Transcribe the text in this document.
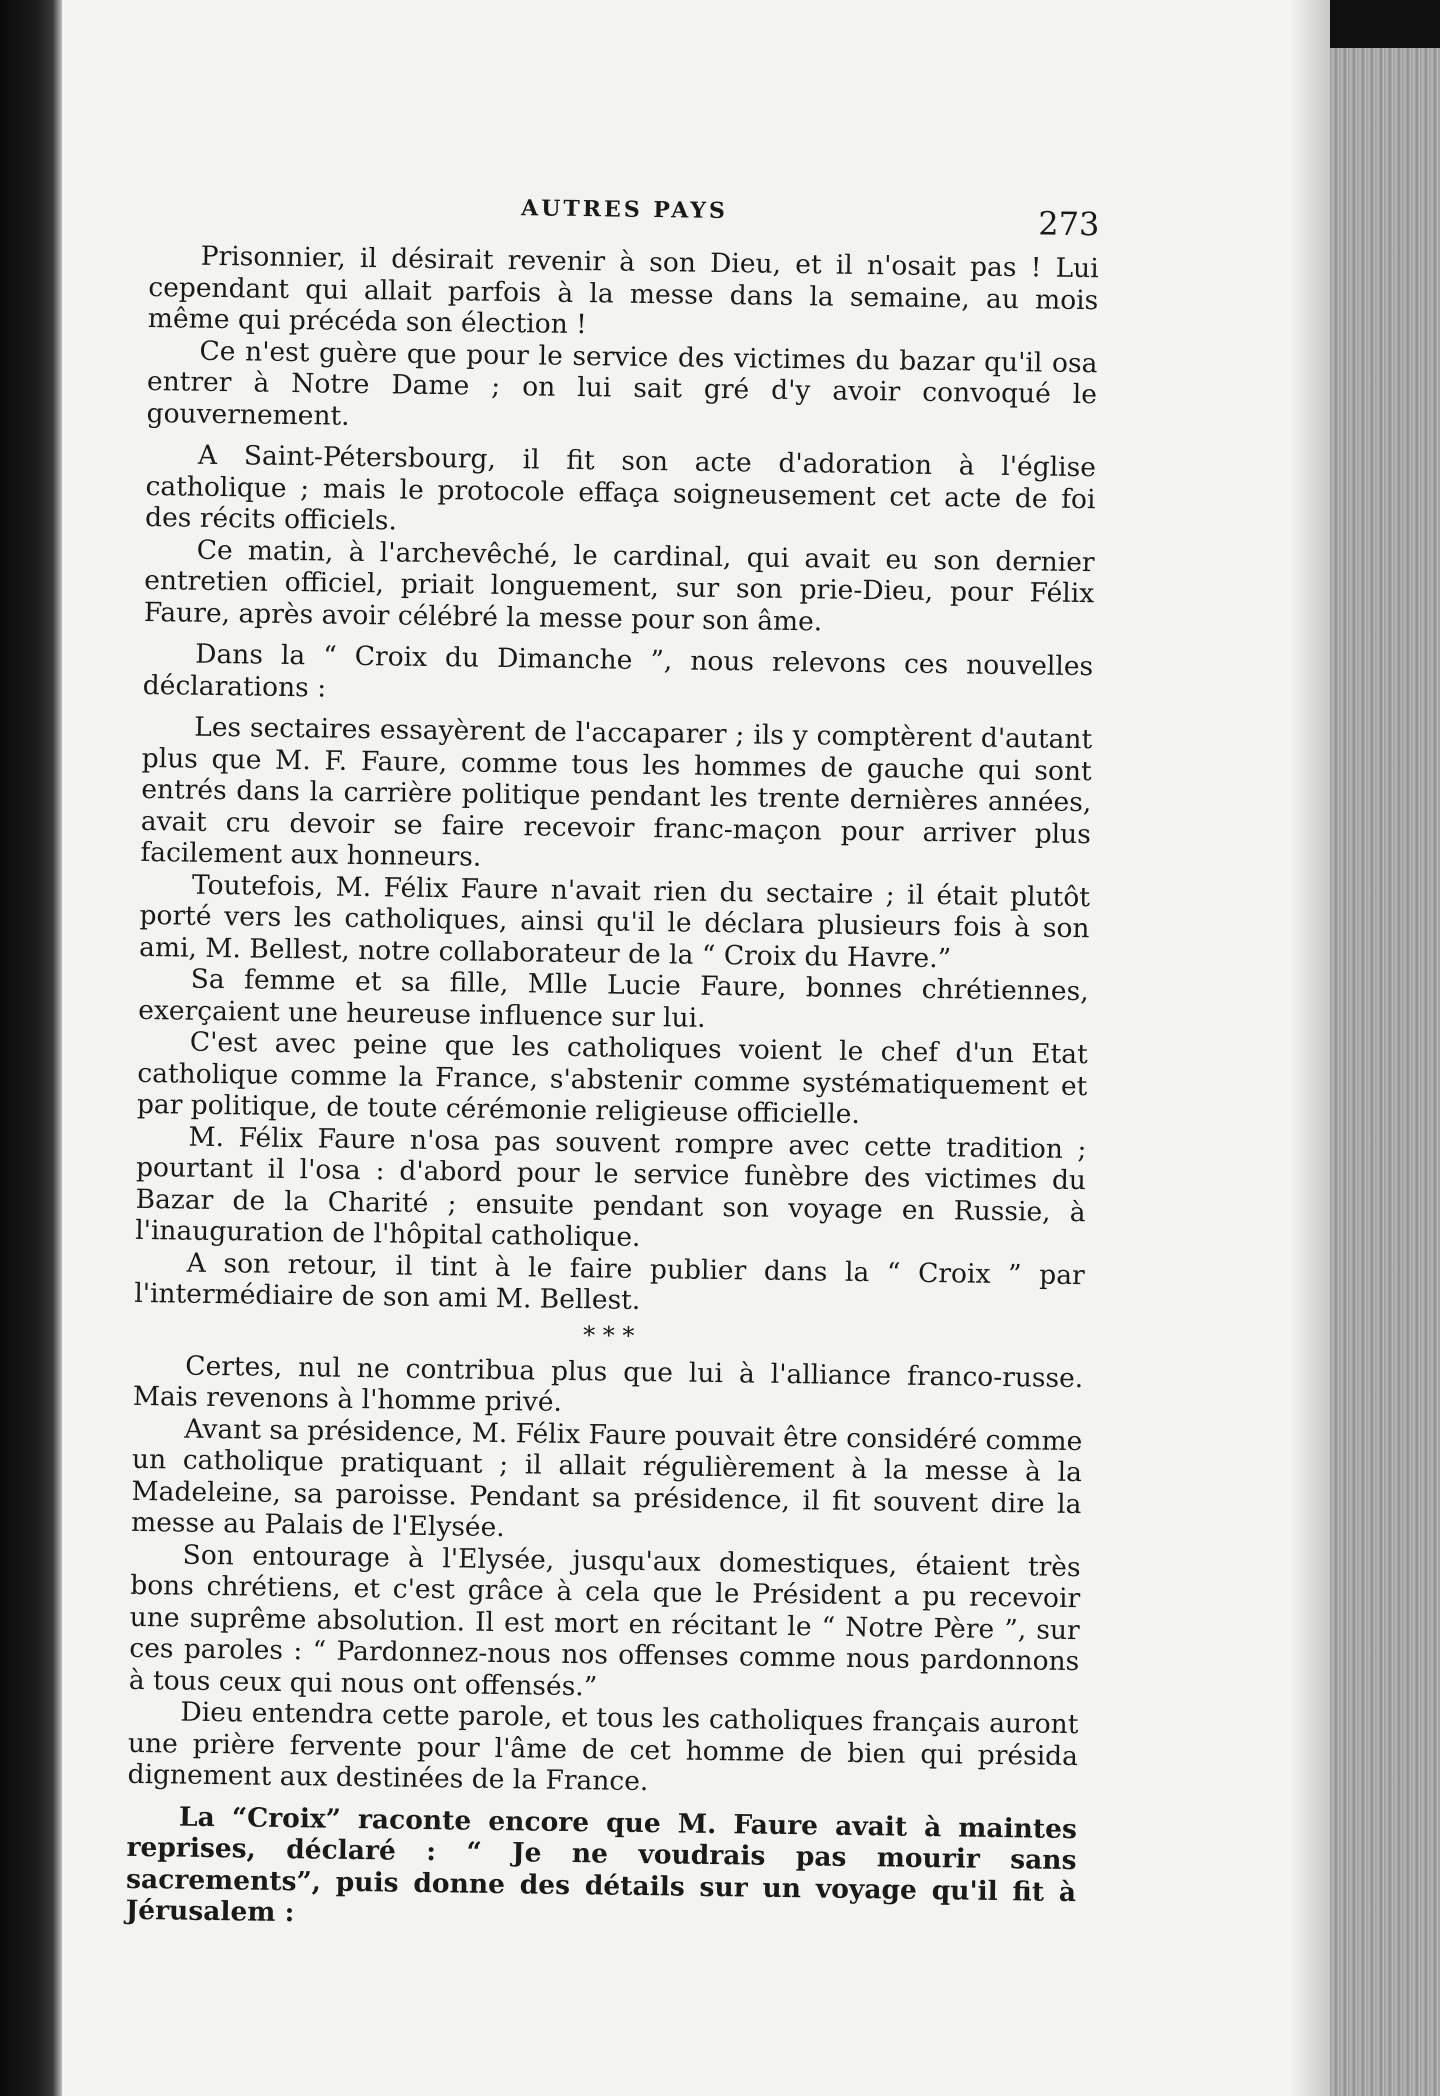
AUTRES PAYS	273

Prisonnier, il désirait revenir à son Dieu, et il n'osait pas ! Lui cependant qui allait parfois à la messe dans la semaine, au mois même qui précéda son élection !

Ce n'est guère que pour le service des victimes du bazar qu'il osa entrer à Notre Dame ; on lui sait gré d'y avoir convoqué le gouvernement.

A Saint-Pétersbourg, il fit son acte d'adoration à l'église catholique ; mais le protocole effaça soigneusement cet acte de foi des récits officiels.

Ce matin, à l'archevêché, le cardinal, qui avait eu son dernier entretien officiel, priait longuement, sur son prie-Dieu, pour Félix Faure, après avoir célébré la messe pour son âme.

Dans la “ Croix du Dimanche ”, nous relevons ces nouvelles déclarations :

Les sectaires essayèrent de l'accaparer ; ils y comptèrent d'autant plus que M. F. Faure, comme tous les hommes de gauche qui sont entrés dans la carrière politique pendant les trente dernières années, avait cru devoir se faire recevoir franc-maçon pour arriver plus facilement aux honneurs.

Toutefois, M. Félix Faure n'avait rien du sectaire ; il était plutôt porté vers les catholiques, ainsi qu'il le déclara plusieurs fois à son ami, M. Bellest, notre collaborateur de la “ Croix du Havre.”

Sa femme et sa fille, Mlle Lucie Faure, bonnes chrétiennes, exerçaient une heureuse influence sur lui.

C'est avec peine que les catholiques voient le chef d'un Etat catholique comme la France, s'abstenir comme systématiquement et par politique, de toute cérémonie religieuse officielle.

M. Félix Faure n'osa pas souvent rompre avec cette tradition ; pourtant il l'osa : d'abord pour le service funèbre des victimes du Bazar de la Charité ; ensuite pendant son voyage en Russie, à l'inauguration de l'hôpital catholique.

A son retour, il tint à le faire publier dans la “ Croix ” par l'intermédiaire de son ami M. Bellest.

* * *

Certes, nul ne contribua plus que lui à l'alliance franco-russe. Mais revenons à l'homme privé.

Avant sa présidence, M. Félix Faure pouvait être considéré comme un catholique pratiquant ; il allait régulièrement à la messe à la Madeleine, sa paroisse. Pendant sa présidence, il fit souvent dire la messe au Palais de l'Elysée.

Son entourage à l'Elysée, jusqu'aux domestiques, étaient très bons chrétiens, et c'est grâce à cela que le Président a pu recevoir une suprême absolution. Il est mort en récitant le “ Notre Père ”, sur ces paroles : “ Pardonnez-nous nos offenses comme nous pardonnons à tous ceux qui nous ont offensés.”

Dieu entendra cette parole, et tous les catholiques français auront une prière fervente pour l'âme de cet homme de bien qui présida dignement aux destinées de la France.

La “Croix” raconte encore que M. Faure avait à maintes reprises, déclaré : “ Je ne voudrais pas mourir sans sacrements”, puis donne des détails sur un voyage qu'il fit à Jérusalem :
